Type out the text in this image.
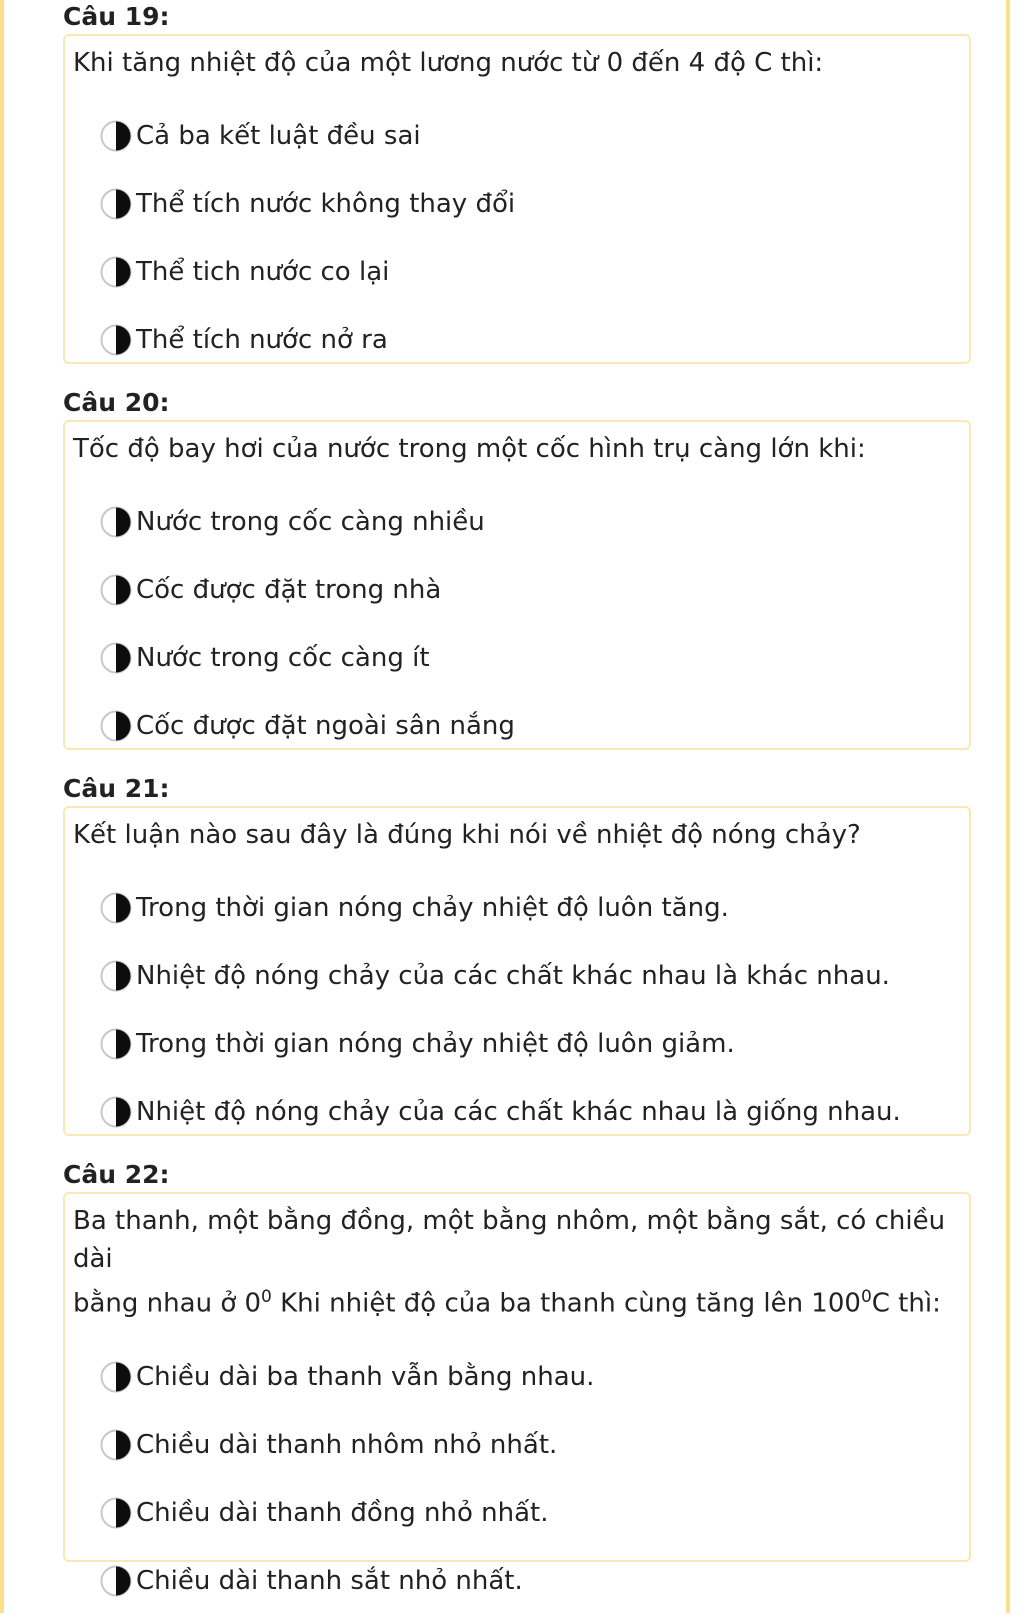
Câu 19:
Khi tăng nhiệt độ của một lương nước từ 0 đến 4 độ C thì:
Cả ba kết luật đều sai
Thể tích nước không thay đổi
Thể tich nước co lại
Thể tích nước nở ra
Câu 20:
Tốc độ bay hơi của nước trong một cốc hình trụ càng lớn khi:
Nước trong cốc càng nhiều
Cốc được đặt trong nhà
Nước trong cốc càng ít
Cốc được đặt ngoài sân nắng
Câu 21:
Kết luận nào sau đây là đúng khi nói về nhiệt độ nóng chảy?
Trong thời gian nóng chảy nhiệt độ luôn tăng.
Nhiệt độ nóng chảy của các chất khác nhau là khác nhau.
Trong thời gian nóng chảy nhiệt độ luôn giảm.
Nhiệt độ nóng chảy của các chất khác nhau là giống nhau.
Câu 22:
Ba thanh, một bằng đồng, một bằng nhôm, một bằng sắt, có chiều dài
bằng nhau ở $0^0$ Khi nhiệt độ của ba thanh cùng tăng lên $100^0C$ thì:
Chiều dài ba thanh vẫn bằng nhau.
Chiều dài thanh nhôm nhỏ nhất.
Chiều dài thanh đồng nhỏ nhất.
Chiều dài thanh sắt nhỏ nhất.
